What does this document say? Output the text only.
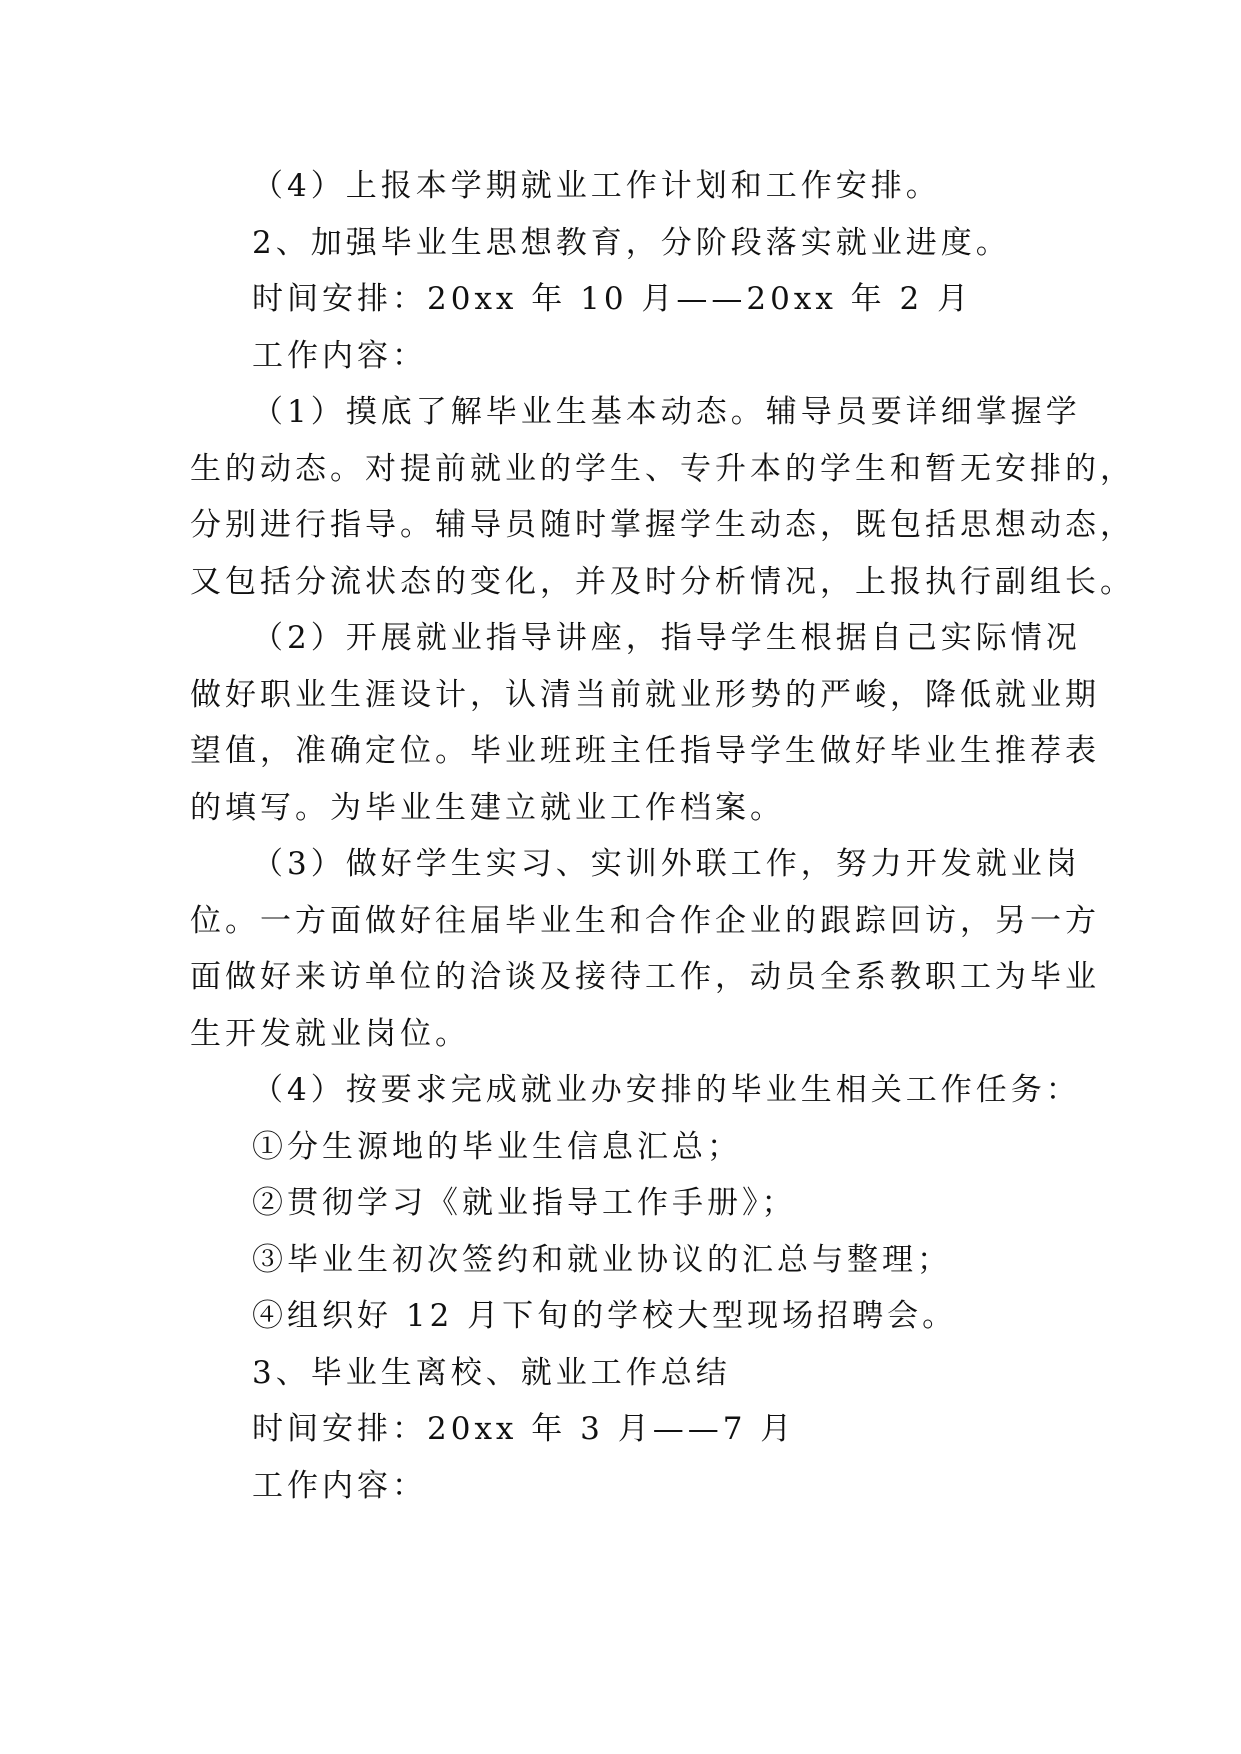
（4）上报本学期就业工作计划和工作安排。

2、加强毕业生思想教育，分阶段落实就业进度。

时间安排：20xx 年 10 月——20xx 年 2 月

工作内容：

（1）摸底了解毕业生基本动态。辅导员要详细掌握学
生的动态。对提前就业的学生、专升本的学生和暂无安排的，
分别进行指导。辅导员随时掌握学生动态，既包括思想动态，
又包括分流状态的变化，并及时分析情况，上报执行副组长。
（2）开展就业指导讲座，指导学生根据自己实际情况
做好职业生涯设计，认清当前就业形势的严峻，降低就业期
望值，准确定位。毕业班班主任指导学生做好毕业生推荐表
的填写。为毕业生建立就业工作档案。
（3）做好学生实习、实训外联工作，努力开发就业岗
位。一方面做好往届毕业生和合作企业的跟踪回访，另一方
面做好来访单位的洽谈及接待工作，动员全系教职工为毕业
生开发就业岗位。

（4）按要求完成就业办安排的毕业生相关工作任务：

①分生源地的毕业生信息汇总；

②贯彻学习《就业指导工作手册》；

③毕业生初次签约和就业协议的汇总与整理；

④组织好 12 月下旬的学校大型现场招聘会。

3、毕业生离校、就业工作总结

时间安排：20xx 年 3 月——7 月

工作内容：
